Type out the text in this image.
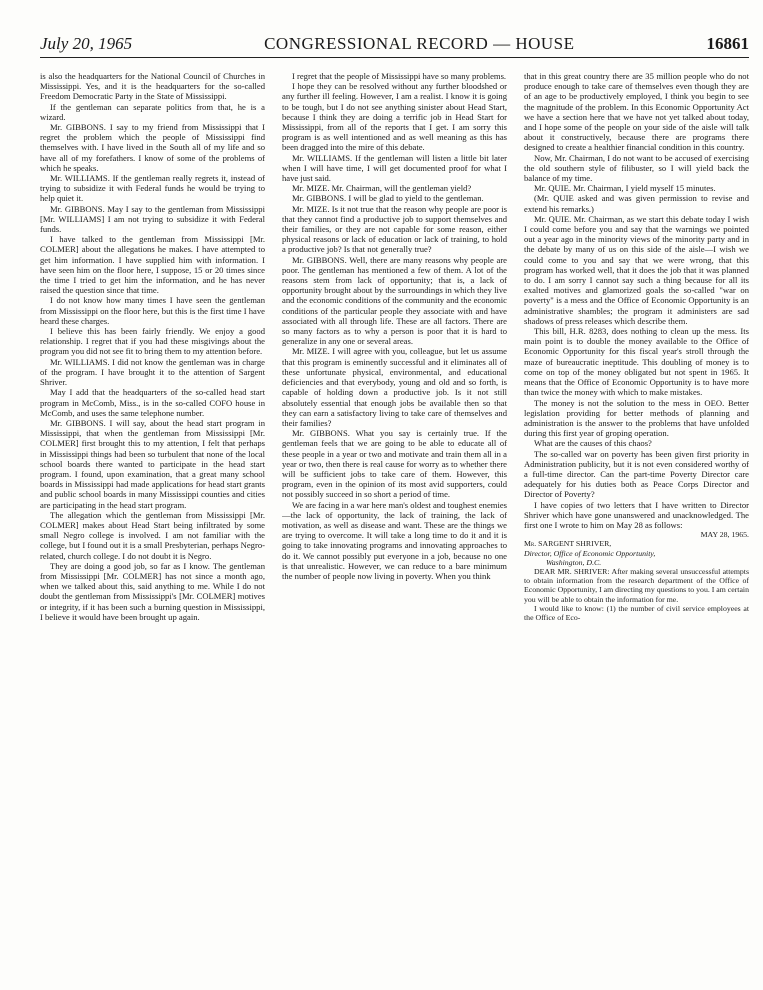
July 20, 1965	CONGRESSIONAL RECORD — HOUSE	16861

is also the headquarters for the National Council of Churches in Mississippi. Yes, and it is the headquarters for the so-called Freedom Democratic Party in the State of Mississippi.

If the gentleman can separate politics from that, he is a wizard.

Mr. GIBBONS. I say to my friend from Mississippi that I regret the problem which the people of Mississippi find themselves with. I have lived in the South all of my life and so have all of my forefathers. I know of some of the problems of which he speaks.

Mr. WILLIAMS. If the gentleman really regrets it, instead of trying to subsidize it with Federal funds he would be trying to help quiet it.

Mr. GIBBONS. May I say to the gentleman from Mississippi [Mr. WILLIAMS] I am not trying to subsidize it with Federal funds.

I have talked to the gentleman from Mississippi [Mr. COLMER] about the allegations he makes. I have attempted to get him information. I have supplied him with information. I have seen him on the floor here, I suppose, 15 or 20 times since the time I tried to get him the information, and he has never raised the question since that time.

I do not know how many times I have seen the gentleman from Mississippi on the floor here, but this is the first time I have heard these charges.

I believe this has been fairly friendly. We enjoy a good relationship. I regret that if you had these misgivings about the program you did not see fit to bring them to my attention before.

Mr. WILLIAMS. I did not know the gentleman was in charge of the program. I have brought it to the attention of Sargent Shriver.

May I add that the headquarters of the so-called head start program in McComb, Miss., is in the so-called COFO house in McComb, and uses the same telephone number.

Mr. GIBBONS. I will say, about the head start program in Mississippi, that when the gentleman from Mississippi [Mr. COLMER] first brought this to my attention, I felt that perhaps in Mississippi things had been so turbulent that none of the local school boards there wanted to participate in the head start program. I found, upon examination, that a great many school boards in Mississippi had made applications for head start grants and public school boards in many Mississippi counties and cities are participating in the head start program.

The allegation which the gentleman from Mississippi [Mr. COLMER] makes about Head Start being infiltrated by some small Negro college is involved. I am not familiar with the college, but I found out it is a small Presbyterian, perhaps Negro-related, church college. I do not doubt it is Negro.

They are doing a good job, so far as I know. The gentleman from Mississippi [Mr. COLMER] has not since a month ago, when we talked about this, said anything to me. While I do not doubt the gentleman from Mississippi's [Mr. COLMER] motives or integrity, if it has been such a burning question in Mississippi, I believe it would have been brought up again.

I regret that the people of Mississippi have so many problems.

I hope they can be resolved without any further bloodshed or any further ill feeling. However, I am a realist. I know it is going to be tough, but I do not see anything sinister about Head Start, because I think they are doing a terrific job in Head Start for Mississippi, from all of the reports that I get. I am sorry this program is as well intentioned and as well meaning as this has been dragged into the mire of this debate.

Mr. WILLIAMS. If the gentleman will listen a little bit later when I will have time, I will get documented proof for what I have just said.

Mr. MIZE. Mr. Chairman, will the gentleman yield?

Mr. GIBBONS. I will be glad to yield to the gentleman.

Mr. MIZE. Is it not true that the reason why people are poor is that they cannot find a productive job to support themselves and their families, or they are not capable for some reason, either physical reasons or lack of education or lack of training, to hold a productive job? Is that not generally true?

Mr. GIBBONS. Well, there are many reasons why people are poor. The gentleman has mentioned a few of them. A lot of the reasons stem from lack of opportunity; that is, a lack of opportunity brought about by the surroundings in which they live and the economic conditions of the community and the economic conditions of the particular people they associate with and have associated with all through life. These are all factors. There are so many factors as to why a person is poor that it is hard to generalize in any one or several areas.

Mr. MIZE. I will agree with you, colleague, but let us assume that this program is eminently successful and it eliminates all of these unfortunate physical, environmental, and educational deficiencies and that everybody, young and old and so forth, is capable of holding down a productive job. Is it not still absolutely essential that enough jobs be available then so that they can earn a satisfactory living to take care of themselves and their families?

Mr. GIBBONS. What you say is certainly true. If the gentleman feels that we are going to be able to educate all of these people in a year or two and motivate and train them all in a year or two, then there is real cause for worry as to whether there will be sufficient jobs to take care of them. However, this program, even in the opinion of its most avid supporters, could not possibly succeed in so short a period of time.

We are facing in a war here man's oldest and toughest enemies—the lack of opportunity, the lack of training, the lack of motivation, as well as disease and want. These are the things we are trying to overcome. It will take a long time to do it and it is going to take innovating programs and innovating approaches to do it. We cannot possibly put everyone in a job, because no one is that unrealistic. However, we can reduce to a bare minimum the number of people now living in poverty. When you think

that in this great country there are 35 million people who do not produce enough to take care of themselves even though they are of an age to be productively employed, I think you begin to see the magnitude of the problem. In this Economic Opportunity Act we have a section here that we have not yet talked about today, and I hope some of the people on your side of the aisle will talk about it constructively, because there are programs there designed to create a healthier financial condition in this country.

Now, Mr. Chairman, I do not want to be accused of exercising the old southern style of filibuster, so I will yield back the balance of my time.

Mr. QUIE. Mr. Chairman, I yield myself 15 minutes.

(Mr. QUIE asked and was given permission to revise and extend his remarks.)

Mr. QUIE. Mr. Chairman, as we start this debate today I wish I could come before you and say that the warnings we pointed out a year ago in the minority views of the minority party and in the debate by many of us on this side of the aisle—I wish we could come to you and say that we were wrong, that this program has worked well, that it does the job that it was planned to do. I am sorry I cannot say such a thing because for all its exalted motives and glamorized goals the so-called "war on poverty" is a mess and the Office of Economic Opportunity is an administrative shambles; the program it administers are sad shadows of press releases which describe them.

This bill, H.R. 8283, does nothing to clean up the mess. Its main point is to double the money available to the Office of Economic Opportunity for this fiscal year's stroll through the maze of bureaucratic ineptitude. This doubling of money is to come on top of the money obligated but not spent in 1965. It means that the Office of Economic Opportunity is to have more than twice the money with which to make mistakes.

The money is not the solution to the mess in OEO. Better legislation providing for better methods of planning and administration is the answer to the problems that have unfolded during this first year of groping operation.

What are the causes of this chaos?

The so-called war on poverty has been given first priority in Administration publicity, but it is not even considered worthy of a full-time director. Can the part-time Poverty Director care adequately for his duties both as Peace Corps Director and Director of Poverty?

I have copies of two letters that I have written to Director Shriver which have gone unanswered and unacknowledged. The first one I wrote to him on May 28 as follows:

MAY 28, 1965.

Mr. SARGENT SHRIVER,

Director, Office of Economic Opportunity,

Washington, D.C.

DEAR MR. SHRIVER: After making several unsuccessful attempts to obtain information from the research department of the Office of Economic Opportunity, I am directing my questions to you. I am certain you will be able to obtain the information for me.

I would like to know: (1) the number of civil service employees at the Office of Eco-
